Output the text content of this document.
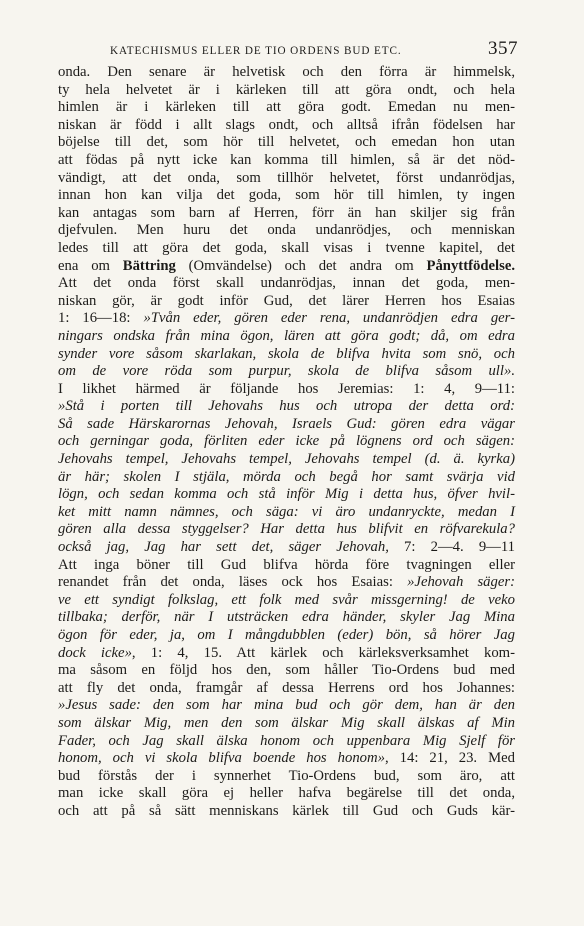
KATECHISMUS ELLER DE TIO ORDENS BUD ETC.	357
onda. Den senare är helvetisk och den förra är himmelsk,
ty hela helvetet är i kärleken till att göra ondt, och hela
himlen är i kärleken till att göra godt. Emedan nu men-
niskan är född i allt slags ondt, och alltså ifrån födelsen har
böjelse till det, som hör till helvetet, och emedan hon utan
att födas på nytt icke kan komma till himlen, så är det nöd-
vändigt, att det onda, som tillhör helvetet, först undanrödjas,
innan hon kan vilja det goda, som hör till himlen, ty ingen
kan antagas som barn af Herren, förr än han skiljer sig från
djefvulen. Men huru det onda undanrödjes, och menniskan
ledes till att göra det goda, skall visas i tvenne kapitel, det
ena om Bättring (Omvändelse) och det andra om Pånyttfödelse.
Att det onda först skall undanrödjas, innan det goda, men-
niskan gör, är godt inför Gud, det lärer Herren hos Esaias
1: 16—18: »Tvån eder, gören eder rena, undanrödjen edra ger-
ningars ondska från mina ögon, lären att göra godt; då, om edra
synder vore såsom skarlakan, skola de blifva hvita som snö, och
om de vore röda som purpur, skola de blifva såsom ull».
I likhet härmed är följande hos Jeremias: 1: 4, 9—11:
»Stå i porten till Jehovahs hus och utropa der detta ord:
Så sade Härskarornas Jehovah, Israels Gud: gören edra vägar
och gerningar goda, förliten eder icke på lögnens ord och sägen:
Jehovahs tempel, Jehovahs tempel, Jehovahs tempel (d. ä. kyrka)
är här; skolen I stjäla, mörda och begå hor samt svärja vid
lögn, och sedan komma och stå inför Mig i detta hus, öfver hvil-
ket mitt namn nämnes, och säga: vi äro undanryckte, medan I
gören alla dessa styggelser? Har detta hus blifvit en röfvarekula?
också jag, Jag har sett det, säger Jehovah, 7: 2—4. 9—11
Att inga böner till Gud blifva hörda före tvagningen eller
renandet från det onda, läses ock hos Esaias: »Jehovah säger:
ve ett syndigt folkslag, ett folk med svår missgerning! de veko
tillbaka; derför, när I utsträcken edra händer, skyler Jag Mina
ögon för eder, ja, om I mångdubblen (eder) bön, så hörer Jag
dock icke», 1: 4, 15. Att kärlek och kärleksverksamhet kom-
ma såsom en följd hos den, som håller Tio-Ordens bud med
att fly det onda, framgår af dessa Herrens ord hos Johannes:
»Jesus sade: den som har mina bud och gör dem, han är den
som älskar Mig, men den som älskar Mig skall älskas af Min
Fader, och Jag skall älska honom och uppenbara Mig Sjelf för
honom, och vi skola blifva boende hos honom», 14: 21, 23. Med
bud förstås der i synnerhet Tio-Ordens bud, som äro, att
man icke skall göra ej heller hafva begärelse till det onda,
och att på så sätt menniskans kärlek till Gud och Guds kär-
